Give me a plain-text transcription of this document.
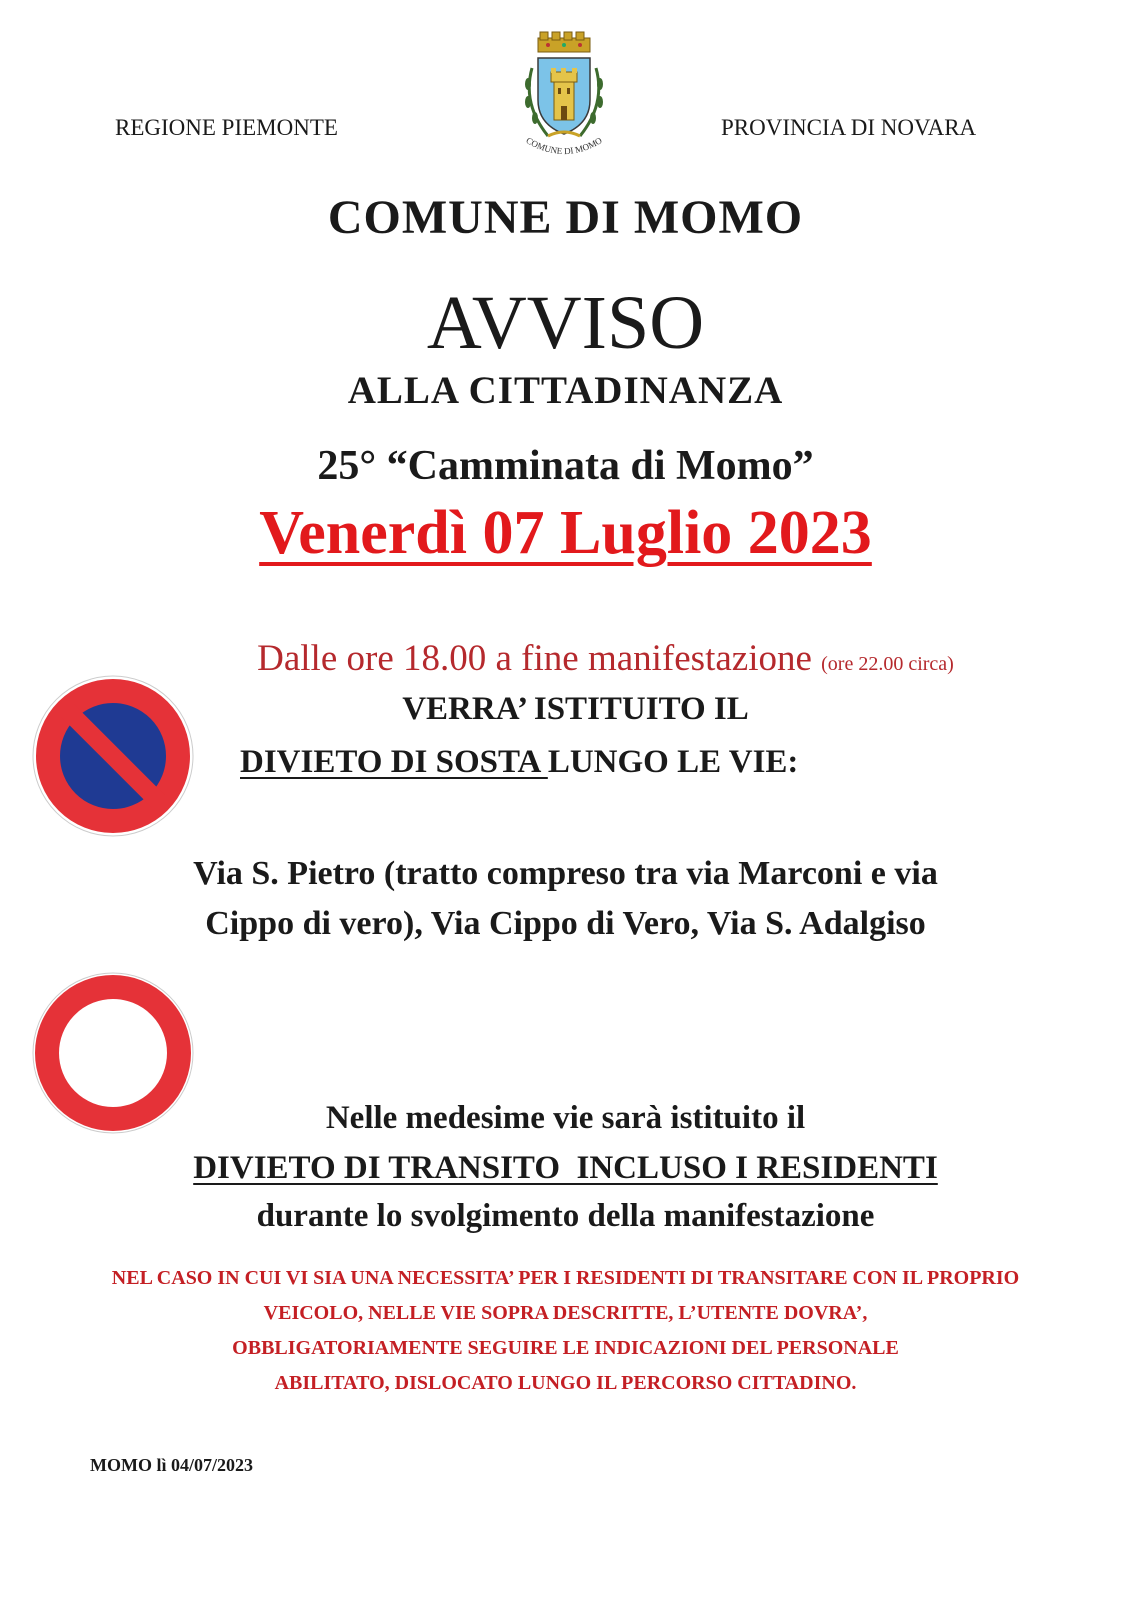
REGIONE PIEMONTE	PROVINCIA DI NOVARA
COMUNE DI MOMO
COMUNE DI MOMO
AVVISO
ALLA CITTADINANZA
25° “Camminata di Momo”
Venerdì 07 Luglio 2023
Dalle ore 18.00 a fine manifestazione (ore 22.00 circa)
VERRA’ ISTITUITO IL
DIVIETO DI SOSTA LUNGO LE VIE:
Via S. Pietro (tratto compreso tra via Marconi e via
Cippo di vero), Via Cippo di Vero, Via S. Adalgiso
Nelle medesime vie sarà istituito il
DIVIETO DI TRANSITO  INCLUSO I RESIDENTI
durante lo svolgimento della manifestazione
NEL CASO IN CUI VI SIA UNA NECESSITA’ PER I RESIDENTI DI TRANSITARE CON IL PROPRIO
VEICOLO, NELLE VIE SOPRA DESCRITTE, L’UTENTE DOVRA’,
OBBLIGATORIAMENTE SEGUIRE LE INDICAZIONI DEL PERSONALE
ABILITATO, DISLOCATO LUNGO IL PERCORSO CITTADINO.
MOMO lì 04/07/2023
